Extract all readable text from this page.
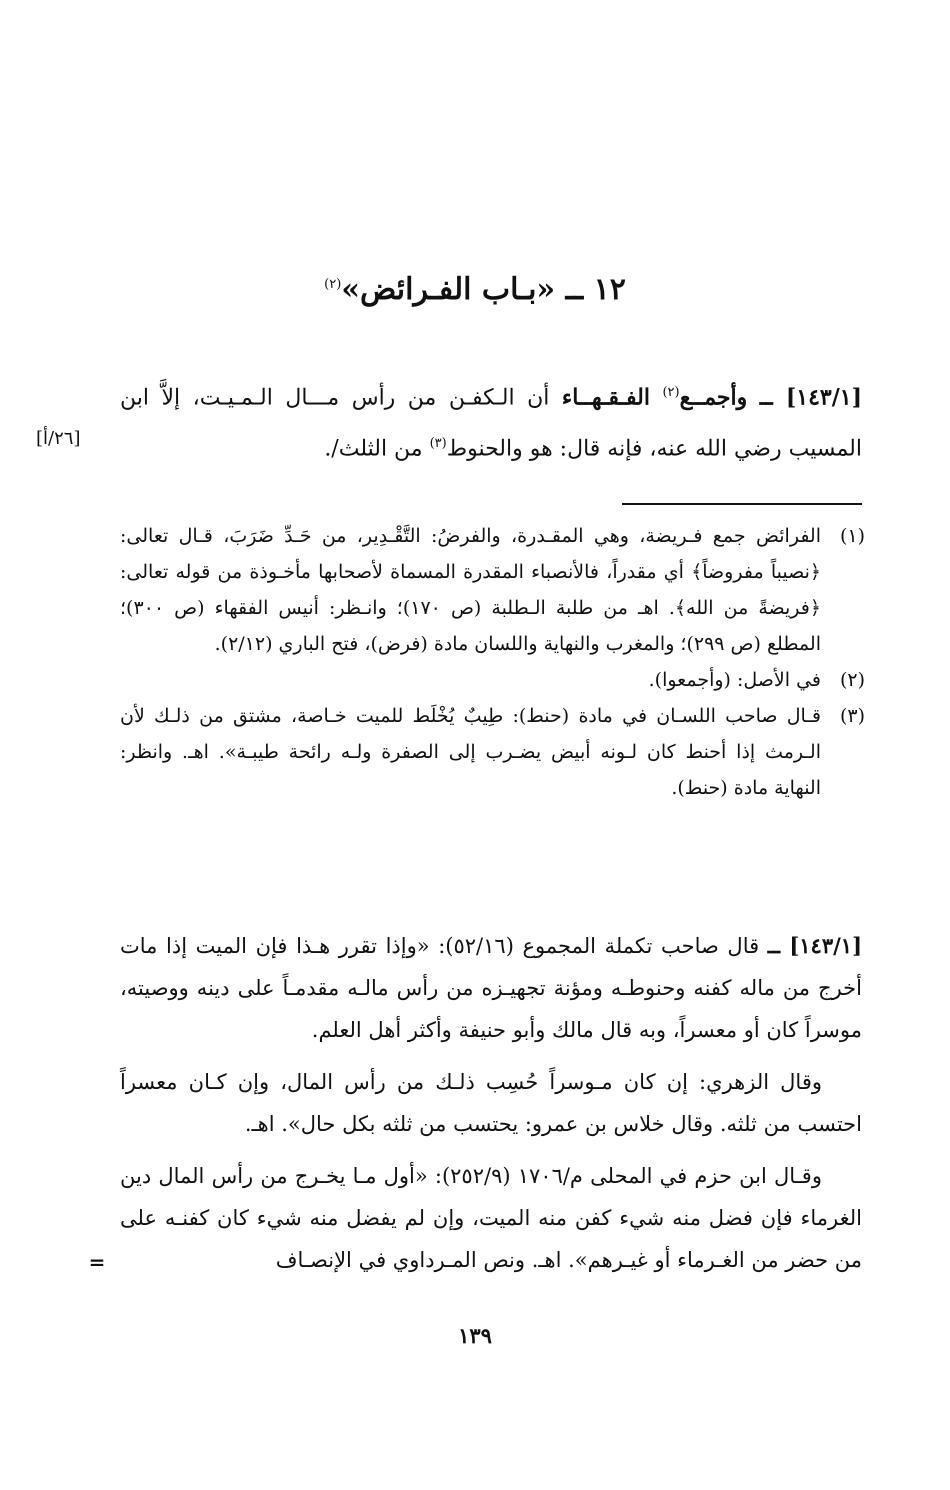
١٢ ــ «بـاب الفـرائض»$^{(٢)}$
[١٤٣/١] ــ وأجمــع$^{(٢)}$ الفـقـهــاء أن الـكفـن من رأس مـــال الـمـيـت، إلاَّ ابن المسيب رضي الله عنه، فإنه قال: هو والحنوط$^{(٣)}$ من الثلث/.
[٢٦/أ]
(١)
الفرائض جمع فـريضة، وهي المقـدرة، والفرضُ: التَّقْـدِير، من حَـدِّ ضَرَبَ، قـال تعالى: ﴿نصيباً مفروضاً﴾ أي مقدراً، فالأنصباء المقدرة المسماة لأصحابها مأخـوذة من قوله تعالى: ﴿فريضةً من الله﴾. اهـ من طلبة الـطلبة (ص ١٧٠)؛ وانـظر: أنيس الفقهاء (ص ٣٠٠)؛ المطلع (ص ٢٩٩)؛ والمغرب والنهاية واللسان مادة (فرض)، فتح الباري (٢/١٢).
(٢)
في الأصل: (وأجمعوا).
(٣)
قـال صاحب اللسـان في مادة (حنط): طِيبٌ يُخْلَط للميت خـاصة، مشتق من ذلـك لأن الـرمث إذا أحنط كان لـونه أبيض يضـرب إلى الصفرة ولـه رائحة طيبـة». اهـ. وانظر: النهاية مادة (حنط).

[١٤٣/١] ــ قال صاحب تكملة المجموع (٥٢/١٦): «وإذا تقرر هـذا فإن الميت إذا مات أخرج من ماله كفنه وحنوطـه ومؤنة تجهيـزه من رأس مالـه مقدمـاً على دينه ووصيته، موسراً كان أو معسراً، وبه قال مالك وأبو حنيفة وأكثر أهل العلم.

وقال الزهري: إن كان مـوسراً حُسِب ذلـك من رأس المال، وإن كـان معسراً احتسب من ثلثه. وقال خلاس بن عمرو: يحتسب من ثلثه بكل حال». اهـ.

وقـال ابن حزم في المحلى م/١٧٠٦ (٢٥٢/٩): «أول مـا يخـرج من رأس المال دين الغرماء فإن فضل منه شيء كفن منه الميت، وإن لم يفضل منه شيء كان كفنـه على من حضر من الغـرماء أو غيـرهم». اهـ. ونص المـرداوي في الإنصـاف

=
١٣٩
